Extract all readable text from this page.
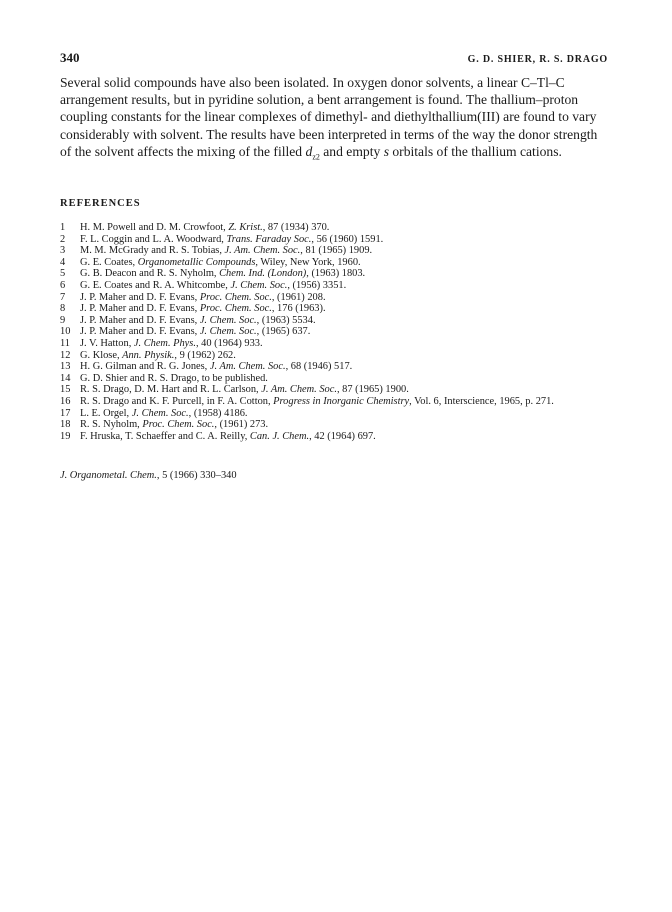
340	G. D. SHIER, R. S. DRAGO

Several solid compounds have also been isolated. In oxygen donor solvents, a linear C–Tl–C arrangement results, but in pyridine solution, a bent arrangement is found. The thallium–proton coupling constants for the linear complexes of dimethyl- and diethylthallium(III) are found to vary considerably with solvent. The results have been interpreted in terms of the way the donor strength of the solvent affects the mixing of the filled $d_{z2}$ and empty s orbitals of the thallium cations.

REFERENCES
1	H. M. Powell and D. M. Crowfoot, Z. Krist., 87 (1934) 370.
2	F. L. Coggin and L. A. Woodward, Trans. Faraday Soc., 56 (1960) 1591.
3	M. M. McGrady and R. S. Tobias, J. Am. Chem. Soc., 81 (1965) 1909.
4	G. E. Coates, Organometallic Compounds, Wiley, New York, 1960.
5	G. B. Deacon and R. S. Nyholm, Chem. Ind. (London), (1963) 1803.
6	G. E. Coates and R. A. Whitcombe, J. Chem. Soc., (1956) 3351.
7	J. P. Maher and D. F. Evans, Proc. Chem. Soc., (1961) 208.
8	J. P. Maher and D. F. Evans, Proc. Chem. Soc., 176 (1963).
9	J. P. Maher and D. F. Evans, J. Chem. Soc., (1963) 5534.
10 J. P. Maher and D. F. Evans, J. Chem. Soc., (1965) 637.
11 J. V. Hatton, J. Chem. Phys., 40 (1964) 933.
12 G. Klose, Ann. Physik., 9 (1962) 262.
13 H. G. Gilman and R. G. Jones, J. Am. Chem. Soc., 68 (1946) 517.
14 G. D. Shier and R. S. Drago, to be published.
15 R. S. Drago, D. M. Hart and R. L. Carlson, J. Am. Chem. Soc., 87 (1965) 1900.
16 R. S. Drago and K. F. Purcell, in F. A. Cotton, Progress in Inorganic Chemistry, Vol. 6, Interscience, 1965, p. 271.
17 L. E. Orgel, J. Chem. Soc., (1958) 4186.
18 R. S. Nyholm, Proc. Chem. Soc., (1961) 273.
19 F. Hruska, T. Schaeffer and C. A. Reilly, Can. J. Chem., 42 (1964) 697.

J. Organometal. Chem., 5 (1966) 330–340
